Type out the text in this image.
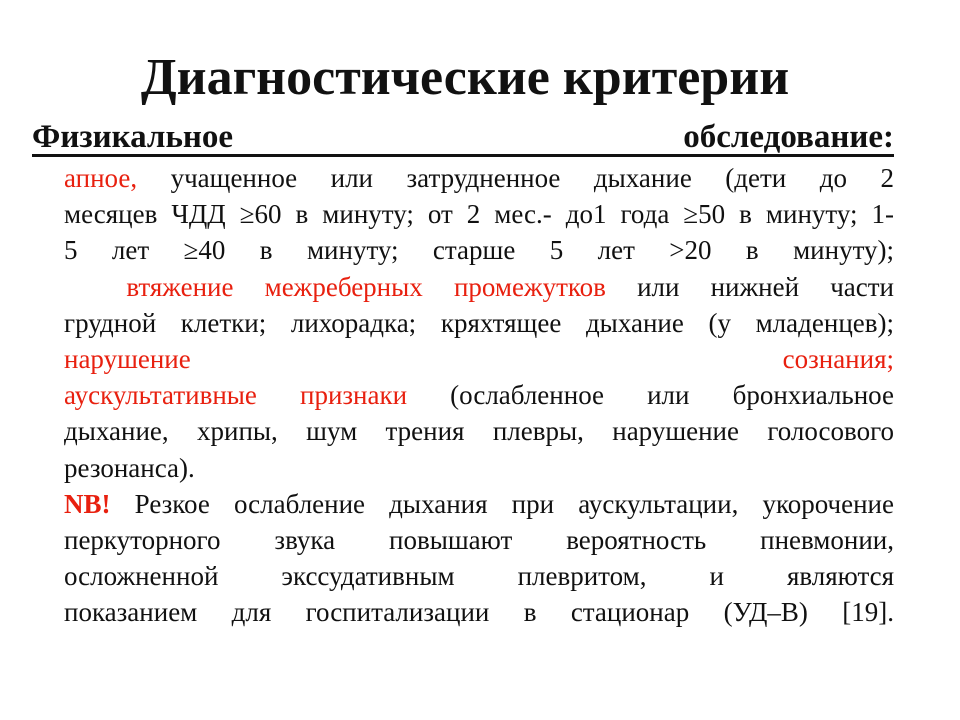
Диагностические критерии
Физикальное	обследование:
апное, учащенное или затрудненное дыхание (дети до 2
месяцев ЧДД ≥60 в минуту; от 2 мес.- до1 года ≥50 в минуту; 1-
5 лет ≥40 в минуту; старше 5 лет >20 в минуту);
втяжение межреберных промежутков или нижней части
грудной клетки; лихорадка; кряхтящее дыхание (у младенцев);
нарушение	сознания;
аускультативные признаки (ослабленное или бронхиальное
дыхание, хрипы, шум трения плевры, нарушение голосового
резонанса).
NB! Резкое ослабление дыхания при аускультации, укорочение
перкуторного звука повышают вероятность пневмонии,
осложненной экссудативным плевритом, и являются
показанием для госпитализации в стационар (УД–В) [19].
